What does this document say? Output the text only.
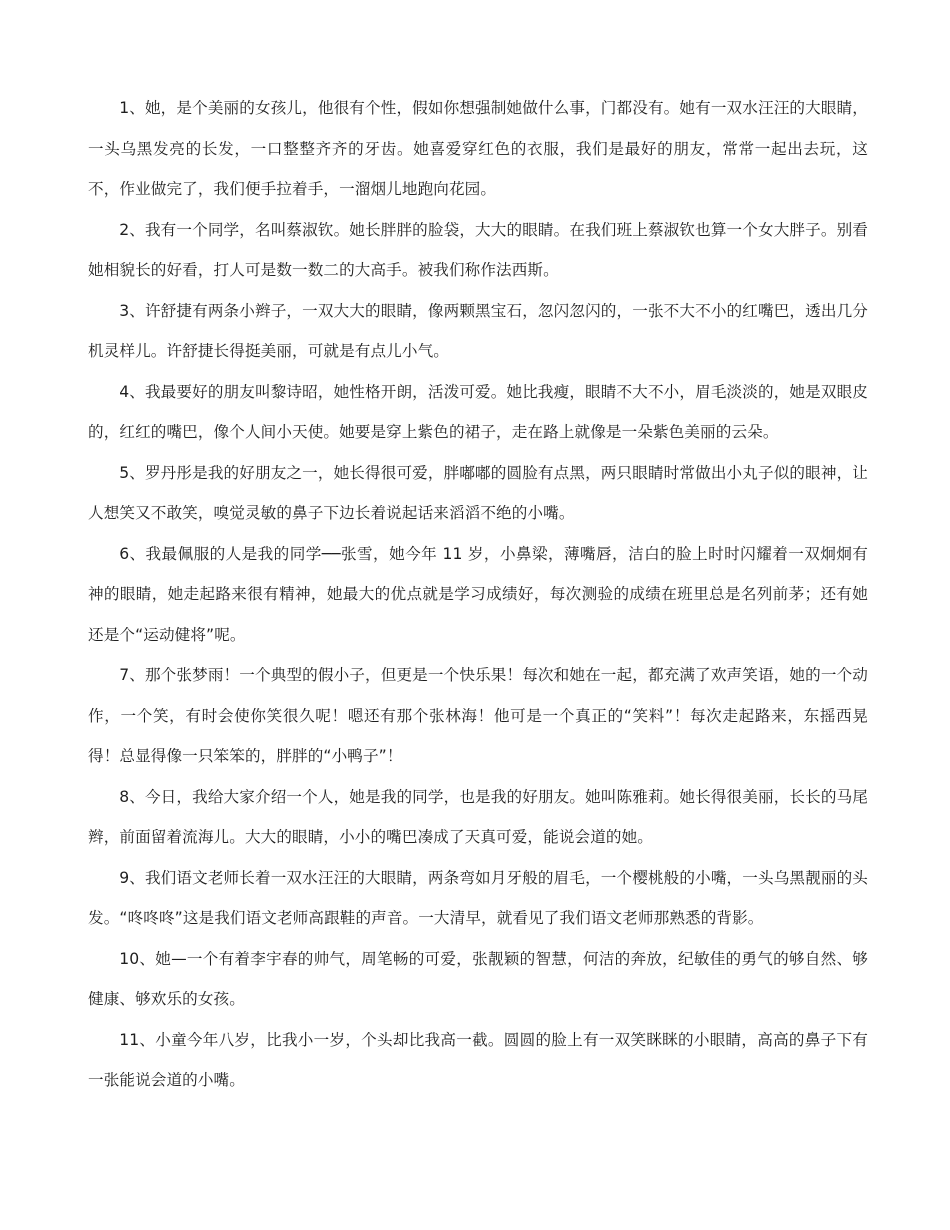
1、她，是个美丽的女孩儿，他很有个性，假如你想强制她做什么事，门都没有。她有一双水汪汪的大眼睛，一头乌黑发亮的长发，一口整整齐齐的牙齿。她喜爱穿红色的衣服，我们是最好的朋友，常常一起出去玩，这不，作业做完了，我们便手拉着手，一溜烟儿地跑向花园。

2、我有一个同学，名叫蔡淑钦。她长胖胖的脸袋，大大的眼睛。在我们班上蔡淑钦也算一个女大胖子。别看她相貌长的好看，打人可是数一数二的大高手。被我们称作法西斯。

3、许舒捷有两条小辫子，一双大大的眼睛，像两颗黑宝石，忽闪忽闪的，一张不大不小的红嘴巴，透出几分机灵样儿。许舒捷长得挺美丽，可就是有点儿小气。

4、我最要好的朋友叫黎诗昭，她性格开朗，活泼可爱。她比我瘦，眼睛不大不小，眉毛淡淡的，她是双眼皮的，红红的嘴巴，像个人间小天使。她要是穿上紫色的裙子，走在路上就像是一朵紫色美丽的云朵。

5、罗丹彤是我的好朋友之一，她长得很可爱，胖嘟嘟的圆脸有点黑，两只眼睛时常做出小丸子似的眼神，让人想笑又不敢笑，嗅觉灵敏的鼻子下边长着说起话来滔滔不绝的小嘴。

6、我最佩服的人是我的同学──张雪，她今年 11 岁，小鼻梁，薄嘴唇，洁白的脸上时时闪耀着一双炯炯有神的眼睛，她走起路来很有精神，她最大的优点就是学习成绩好，每次测验的成绩在班里总是名列前茅；还有她还是个“运动健将”呢。

7、那个张梦雨！一个典型的假小子，但更是一个快乐果！每次和她在一起，都充满了欢声笑语，她的一个动作，一个笑，有时会使你笑很久呢！嗯还有那个张林海！他可是一个真正的“笑料”！每次走起路来，东摇西晃得！总显得像一只笨笨的，胖胖的“小鸭子”！

8、今日，我给大家介绍一个人，她是我的同学，也是我的好朋友。她叫陈雅莉。她长得很美丽，长长的马尾辫，前面留着流海儿。大大的眼睛，小小的嘴巴凑成了天真可爱，能说会道的她。

9、我们语文老师长着一双水汪汪的大眼睛，两条弯如月牙般的眉毛，一个樱桃般的小嘴，一头乌黑靓丽的头发。“咚咚咚”这是我们语文老师高跟鞋的声音。一大清早，就看见了我们语文老师那熟悉的背影。

10、她—一个有着李宇春的帅气，周笔畅的可爱，张靓颖的智慧，何洁的奔放，纪敏佳的勇气的够自然、够健康、够欢乐的女孩。

11、小童今年八岁，比我小一岁，个头却比我高一截。圆圆的脸上有一双笑眯眯的小眼睛，高高的鼻子下有一张能说会道的小嘴。
